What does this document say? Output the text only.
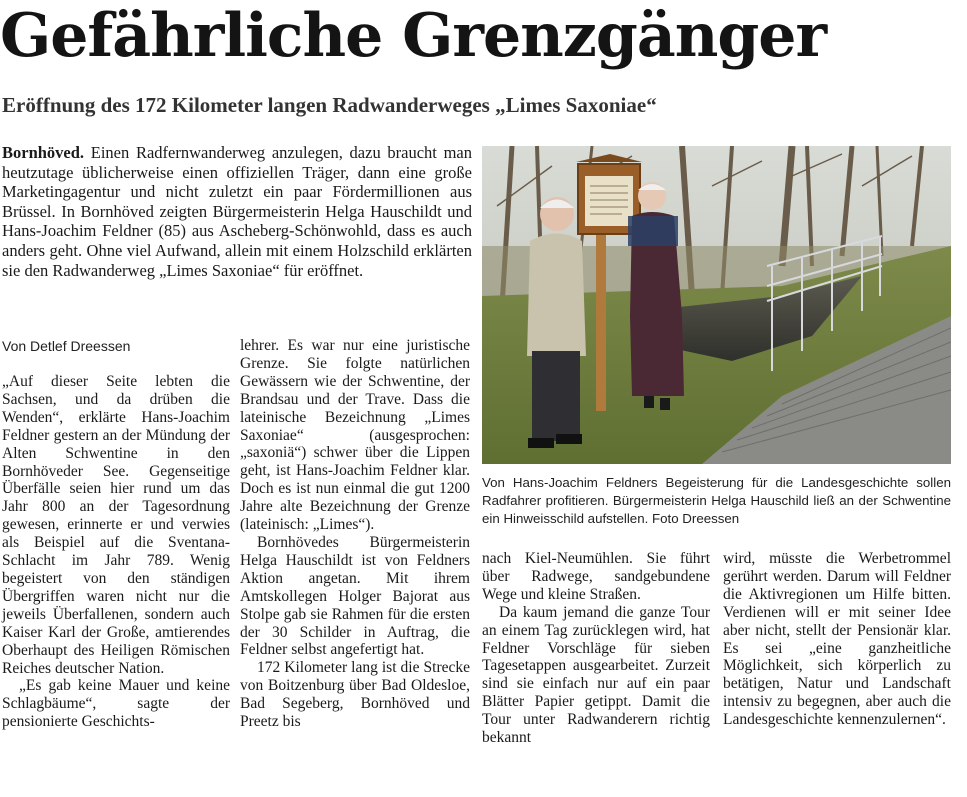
Gefährliche Grenzgänger
Eröffnung des 172 Kilometer langen Radwanderweges „Limes Saxoniae“

Bornhöved. Einen Radfernwanderweg anzulegen, dazu braucht man heutzutage üblicherweise einen offiziellen Träger, dann eine große Marketingagentur und nicht zuletzt ein paar Fördermillionen aus Brüssel. In Bornhöved zeigten Bürgermeisterin Helga Hauschildt und Hans-Joachim Feldner (85) aus Ascheberg-Schönwohld, dass es auch anders geht. Ohne viel Aufwand, allein mit einem Holzschild erklärten sie den Radwanderweg „Limes Saxoniae“ für eröffnet.

Von Detlef Dreessen

„Auf dieser Seite lebten die Sachsen, und da drüben die Wenden“, erklärte Hans-Joachim Feldner gestern an der Mündung der Alten Schwentine in den Bornhöveder See. Gegenseitige Überfälle seien hier rund um das Jahr 800 an der Tagesordnung gewesen, erinnerte er und verwies als Beispiel auf die Sventana-Schlacht im Jahr 789. Wenig begeistert von den ständigen Übergriffen waren nicht nur die jeweils Überfallenen, sondern auch Kaiser Karl der Große, amtierendes Oberhaupt des Heiligen Römischen Reiches deutscher Nation.

„Es gab keine Mauer und keine Schlagbäume“, sagte der pensionierte Geschichts-

lehrer. Es war nur eine juristische Grenze. Sie folgte natürlichen Gewässern wie der Schwentine, der Brandsau und der Trave. Dass die lateinische Bezeichnung „Limes Saxoniae“ (ausgesprochen: „saxoniä“) schwer über die Lippen geht, ist Hans-Joachim Feldner klar. Doch es ist nun einmal die gut 1200 Jahre alte Bezeichnung der Grenze (lateinisch: „Limes“).

Bornhövedes Bürgermeisterin Helga Hauschildt ist von Feldners Aktion angetan. Mit ihrem Amtskollegen Holger Bajorat aus Stolpe gab sie Rahmen für die ersten der 30 Schilder in Auftrag, die Feldner selbst angefertigt hat.

172 Kilometer lang ist die Strecke von Boitzenburg über Bad Oldesloe, Bad Segeberg, Bornhöved und Preetz bis

Von Hans-Joachim Feldners Begeisterung für die Landesgeschichte sollen Radfahrer profitieren. Bürgermeisterin Helga Hauschild ließ an der Schwentine ein Hinweisschild aufstellen. Foto Dreessen

nach Kiel-Neumühlen. Sie führt über Radwege, sandgebundene Wege und kleine Straßen.

Da kaum jemand die ganze Tour an einem Tag zurücklegen wird, hat Feldner Vorschläge für sieben Tagesetappen ausgearbeitet. Zurzeit sind sie einfach nur auf ein paar Blätter Papier getippt. Damit die Tour unter Radwanderern richtig bekannt

wird, müsste die Werbetrommel gerührt werden. Darum will Feldner die Aktivregionen um Hilfe bitten. Verdienen will er mit seiner Idee aber nicht, stellt der Pensionär klar. Es sei „eine ganzheitliche Möglichkeit, sich körperlich zu betätigen, Natur und Landschaft intensiv zu begegnen, aber auch die Landesgeschichte kennenzulernen“.
